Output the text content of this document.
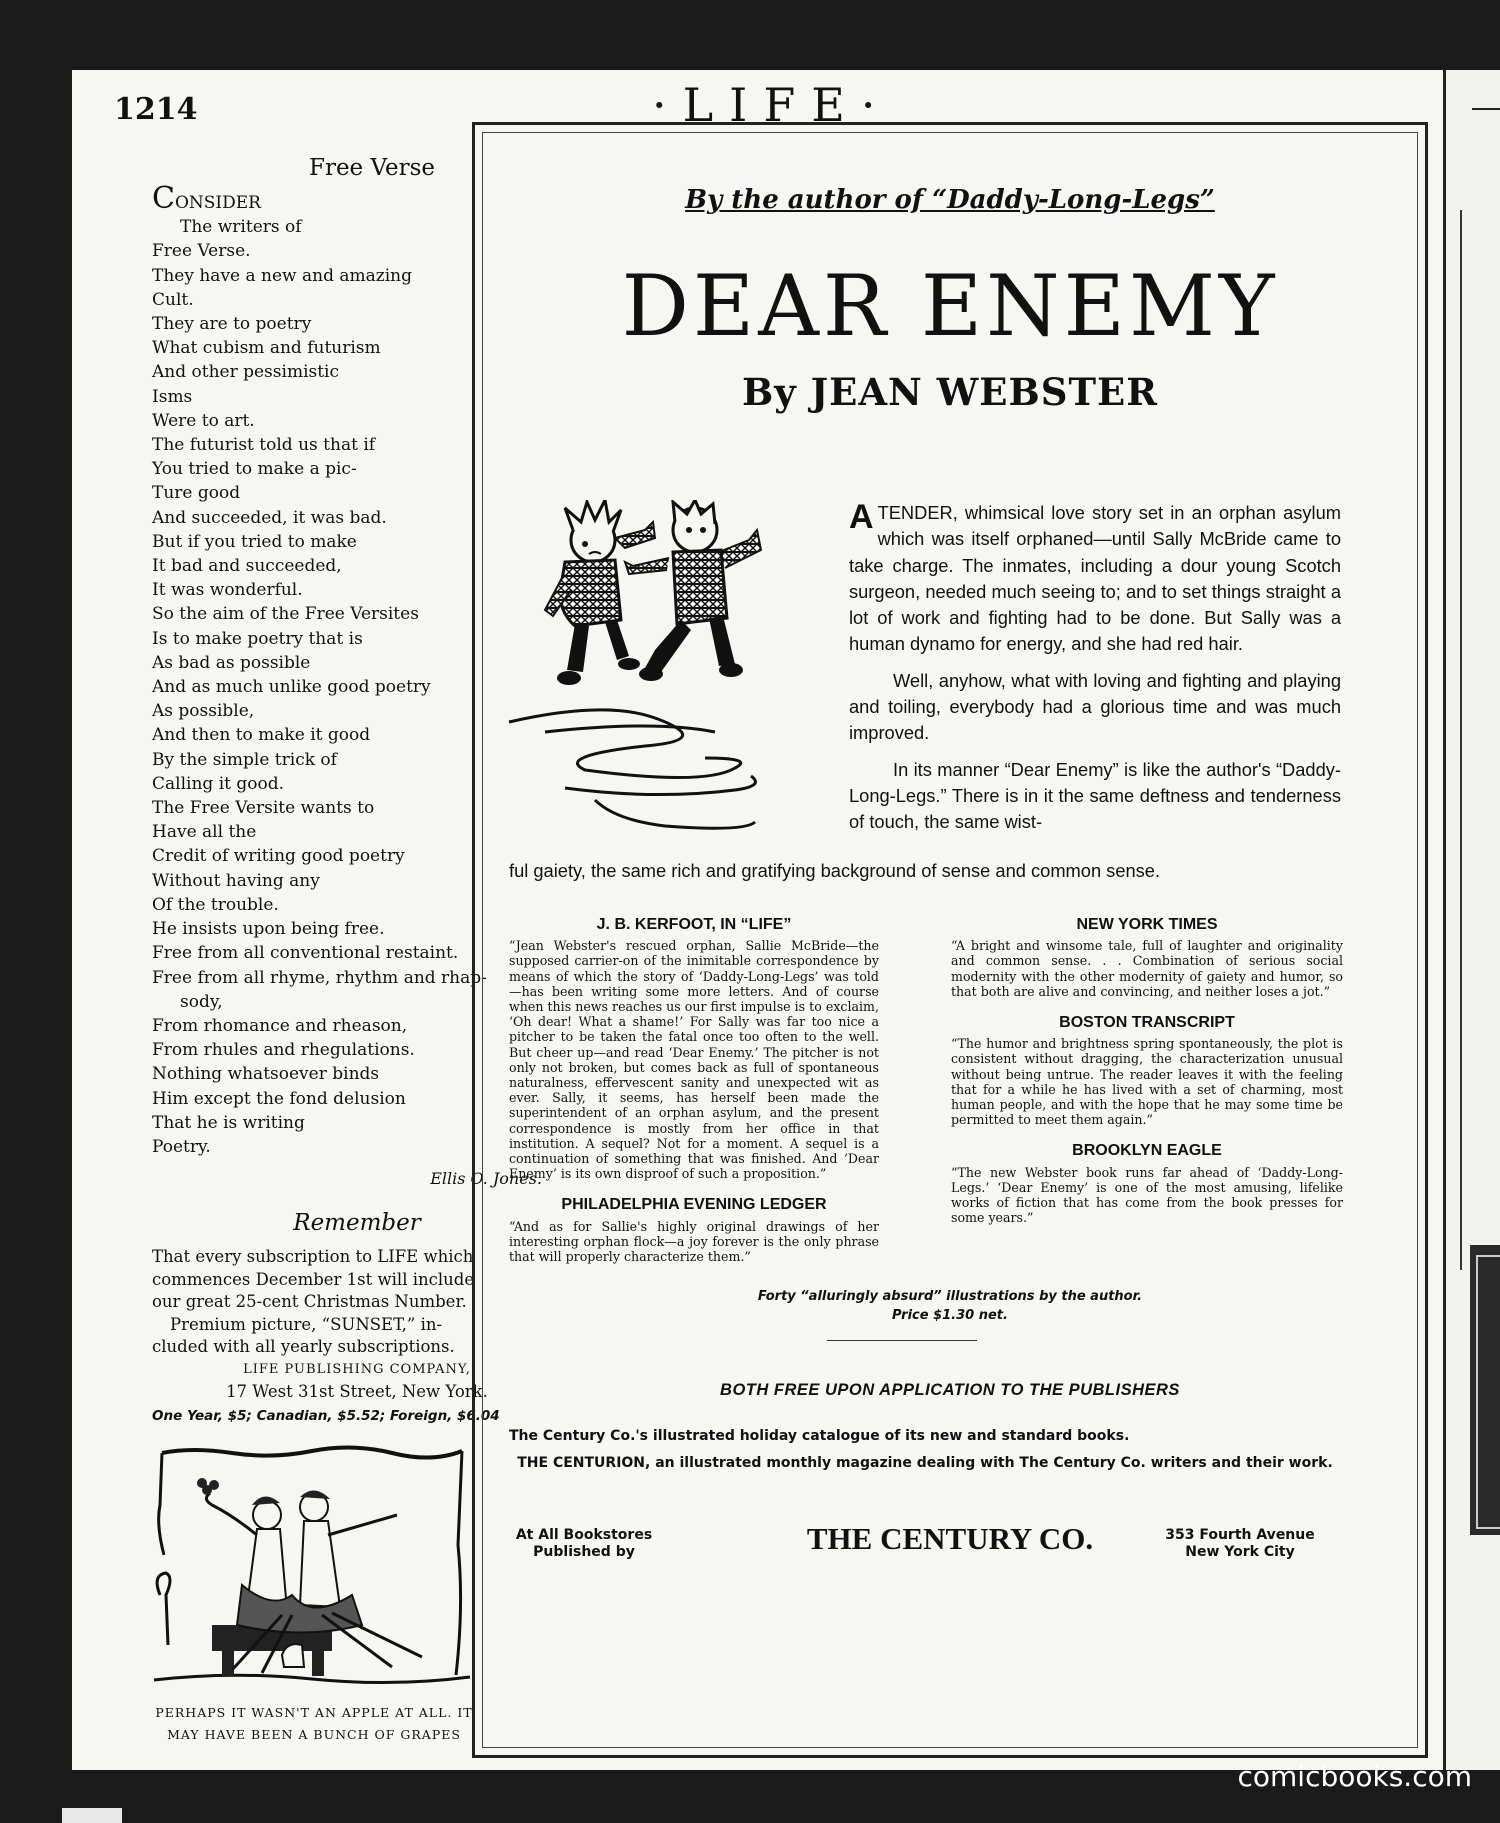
1214	·LIFE·
Free Verse
CONSIDER
The writers of
Free Verse.
They have a new and amazing
Cult.
They are to poetry
What cubism and futurism
And other pessimistic
Isms
Were to art.
The futurist told us that if
You tried to make a pic-
Ture good
And succeeded, it was bad.
But if you tried to make
It bad and succeeded,
It was wonderful.
So the aim of the Free Versites
Is to make poetry that is
As bad as possible
And as much unlike good poetry
As possible,
And then to make it good
By the simple trick of
Calling it good.
The Free Versite wants to
Have all the
Credit of writing good poetry
Without having any
Of the trouble.
He insists upon being free.
Free from all conventional restaint.
Free from all rhyme, rhythm and rhap-
sody,
From rhomance and rheason,
From rhules and rhegulations.
Nothing whatsoever binds
Him except the fond delusion
That he is writing
Poetry.
Ellis O. Jones.
Remember
That every subscription to LIFE which
commences December 1st will include
our great 25-cent Christmas Number.
Premium picture, “SUNSET,” in-
cluded with all yearly subscriptions.
LIFE PUBLISHING COMPANY,
17 West 31st Street, New York.
One Year, $5; Canadian, $5.52; Foreign, $6.04
PERHAPS IT WASN'T AN APPLE AT ALL. IT
MAY HAVE BEEN A BUNCH OF GRAPES
By the author of “Daddy-Long-Legs”
DEAR ENEMY
By JEAN WEBSTER

ATENDER, whimsical love story set in an orphan asylum which was itself orphaned—until Sally McBride came to take charge. The inmates, including a dour young Scotch surgeon, needed much seeing to; and to set things straight a lot of work and fighting had to be done. But Sally was a human dynamo for energy, and she had red hair.

Well, anyhow, what with loving and fighting and playing and toiling, everybody had a glorious time and was much improved.

In its manner “Dear Enemy” is like the author's “Daddy-Long-Legs.” There is in it the same deftness and tenderness of touch, the same wist-

ful gaiety, the same rich and gratifying background of sense and common sense.
J. B. KERFOOT, IN “LIFE”
“Jean Webster's rescued orphan, Sallie McBride—the supposed carrier-on of the inimitable correspondence by means of which the story of ‘Daddy-Long-Legs’ was told—has been writing some more letters. And of course when this news reaches us our first impulse is to exclaim, ‘Oh dear! What a shame!’ For Sally was far too nice a pitcher to be taken the fatal once too often to the well. But cheer up—and read ‘Dear Enemy.’ The pitcher is not only not broken, but comes back as full of spontaneous naturalness, effervescent sanity and unexpected wit as ever. Sally, it seems, has herself been made the superintendent of an orphan asylum, and the present correspondence is mostly from her office in that institution. A sequel? Not for a moment. A sequel is a continuation of something that was finished. And ‘Dear Enemy’ is its own disproof of such a proposition.”
PHILADELPHIA EVENING LEDGER
“And as for Sallie's highly original drawings of her interesting orphan flock—a joy forever is the only phrase that will properly characterize them.”
NEW YORK TIMES
“A bright and winsome tale, full of laughter and originality and common sense. . . Combination of serious social modernity with the other modernity of gaiety and humor, so that both are alive and convincing, and neither loses a jot.”
BOSTON TRANSCRIPT
“The humor and brightness spring spontaneously, the plot is consistent without dragging, the characterization unusual without being untrue. The reader leaves it with the feeling that for a while he has lived with a set of charming, most human people, and with the hope that he may some time be permitted to meet them again.”
BROOKLYN EAGLE
“The new Webster book runs far ahead of ‘Daddy-Long-Legs.’ ‘Dear Enemy’ is one of the most amusing, lifelike works of fiction that has come from the book presses for some years.”
Forty “alluringly absurd” illustrations by the author.
Price $1.30 net.
BOTH FREE UPON APPLICATION TO THE PUBLISHERS
The Century Co.'s illustrated holiday catalogue of its new and standard books.
THE CENTURION, an illustrated monthly magazine dealing with The Century Co. writers and their work.
At All Bookstores
Published by	THE CENTURY CO.	353 Fourth Avenue
New York City
comicbooks.com
